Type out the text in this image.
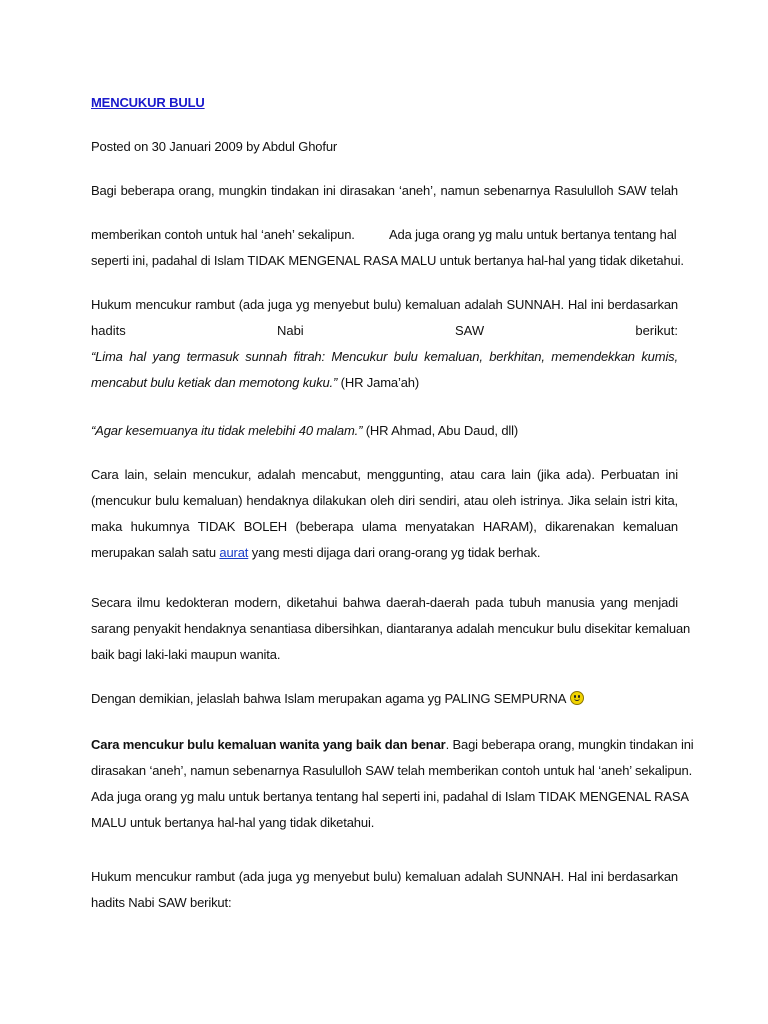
MENCUKUR BULU
Posted on 30 Januari 2009 by Abdul Ghofur
Bagi beberapa orang, mungkin tindakan ini dirasakan ‘aneh’, namun sebenarnya Rasululloh SAW telah
memberikan contoh untuk hal ‘aneh’ sekalipun.	Ada juga orang yg malu untuk bertanya tentang hal
seperti ini, padahal di Islam TIDAK MENGENAL RASA MALU untuk bertanya hal-hal yang tidak diketahui.
Hukum mencukur rambut (ada juga yg menyebut bulu) kemaluan adalah SUNNAH. Hal ini berdasarkan
hadits	Nabi	SAW	berikut:
“Lima hal yang termasuk sunnah fitrah: Mencukur bulu kemaluan, berkhitan, memendekkan kumis,
mencabut bulu ketiak dan memotong kuku.” (HR Jama’ah)
“Agar kesemuanya itu tidak melebihi 40 malam.” (HR Ahmad, Abu Daud, dll)
Cara lain, selain mencukur, adalah mencabut, menggunting, atau cara lain (jika ada). Perbuatan ini
(mencukur bulu kemaluan) hendaknya dilakukan oleh diri sendiri, atau oleh istrinya. Jika selain istri kita,
maka hukumnya TIDAK BOLEH (beberapa ulama menyatakan HARAM), dikarenakan kemaluan
merupakan salah satu aurat yang mesti dijaga dari orang-orang yg tidak berhak.
Secara ilmu kedokteran modern, diketahui bahwa daerah-daerah pada tubuh manusia yang menjadi
sarang penyakit hendaknya senantiasa dibersihkan, diantaranya adalah mencukur bulu disekitar kemaluan
baik bagi laki-laki maupun wanita.
Dengan demikian, jelaslah bahwa Islam merupakan agama yg PALING SEMPURNA
Cara mencukur bulu kemaluan wanita yang baik dan benar. Bagi beberapa orang, mungkin tindakan ini
dirasakan ‘aneh’, namun sebenarnya Rasululloh SAW telah memberikan contoh untuk hal ‘aneh’ sekalipun.
Ada juga orang yg malu untuk bertanya tentang hal seperti ini, padahal di Islam TIDAK MENGENAL RASA
MALU untuk bertanya hal-hal yang tidak diketahui.
Hukum mencukur rambut (ada juga yg menyebut bulu) kemaluan adalah SUNNAH. Hal ini berdasarkan
hadits Nabi SAW berikut:
